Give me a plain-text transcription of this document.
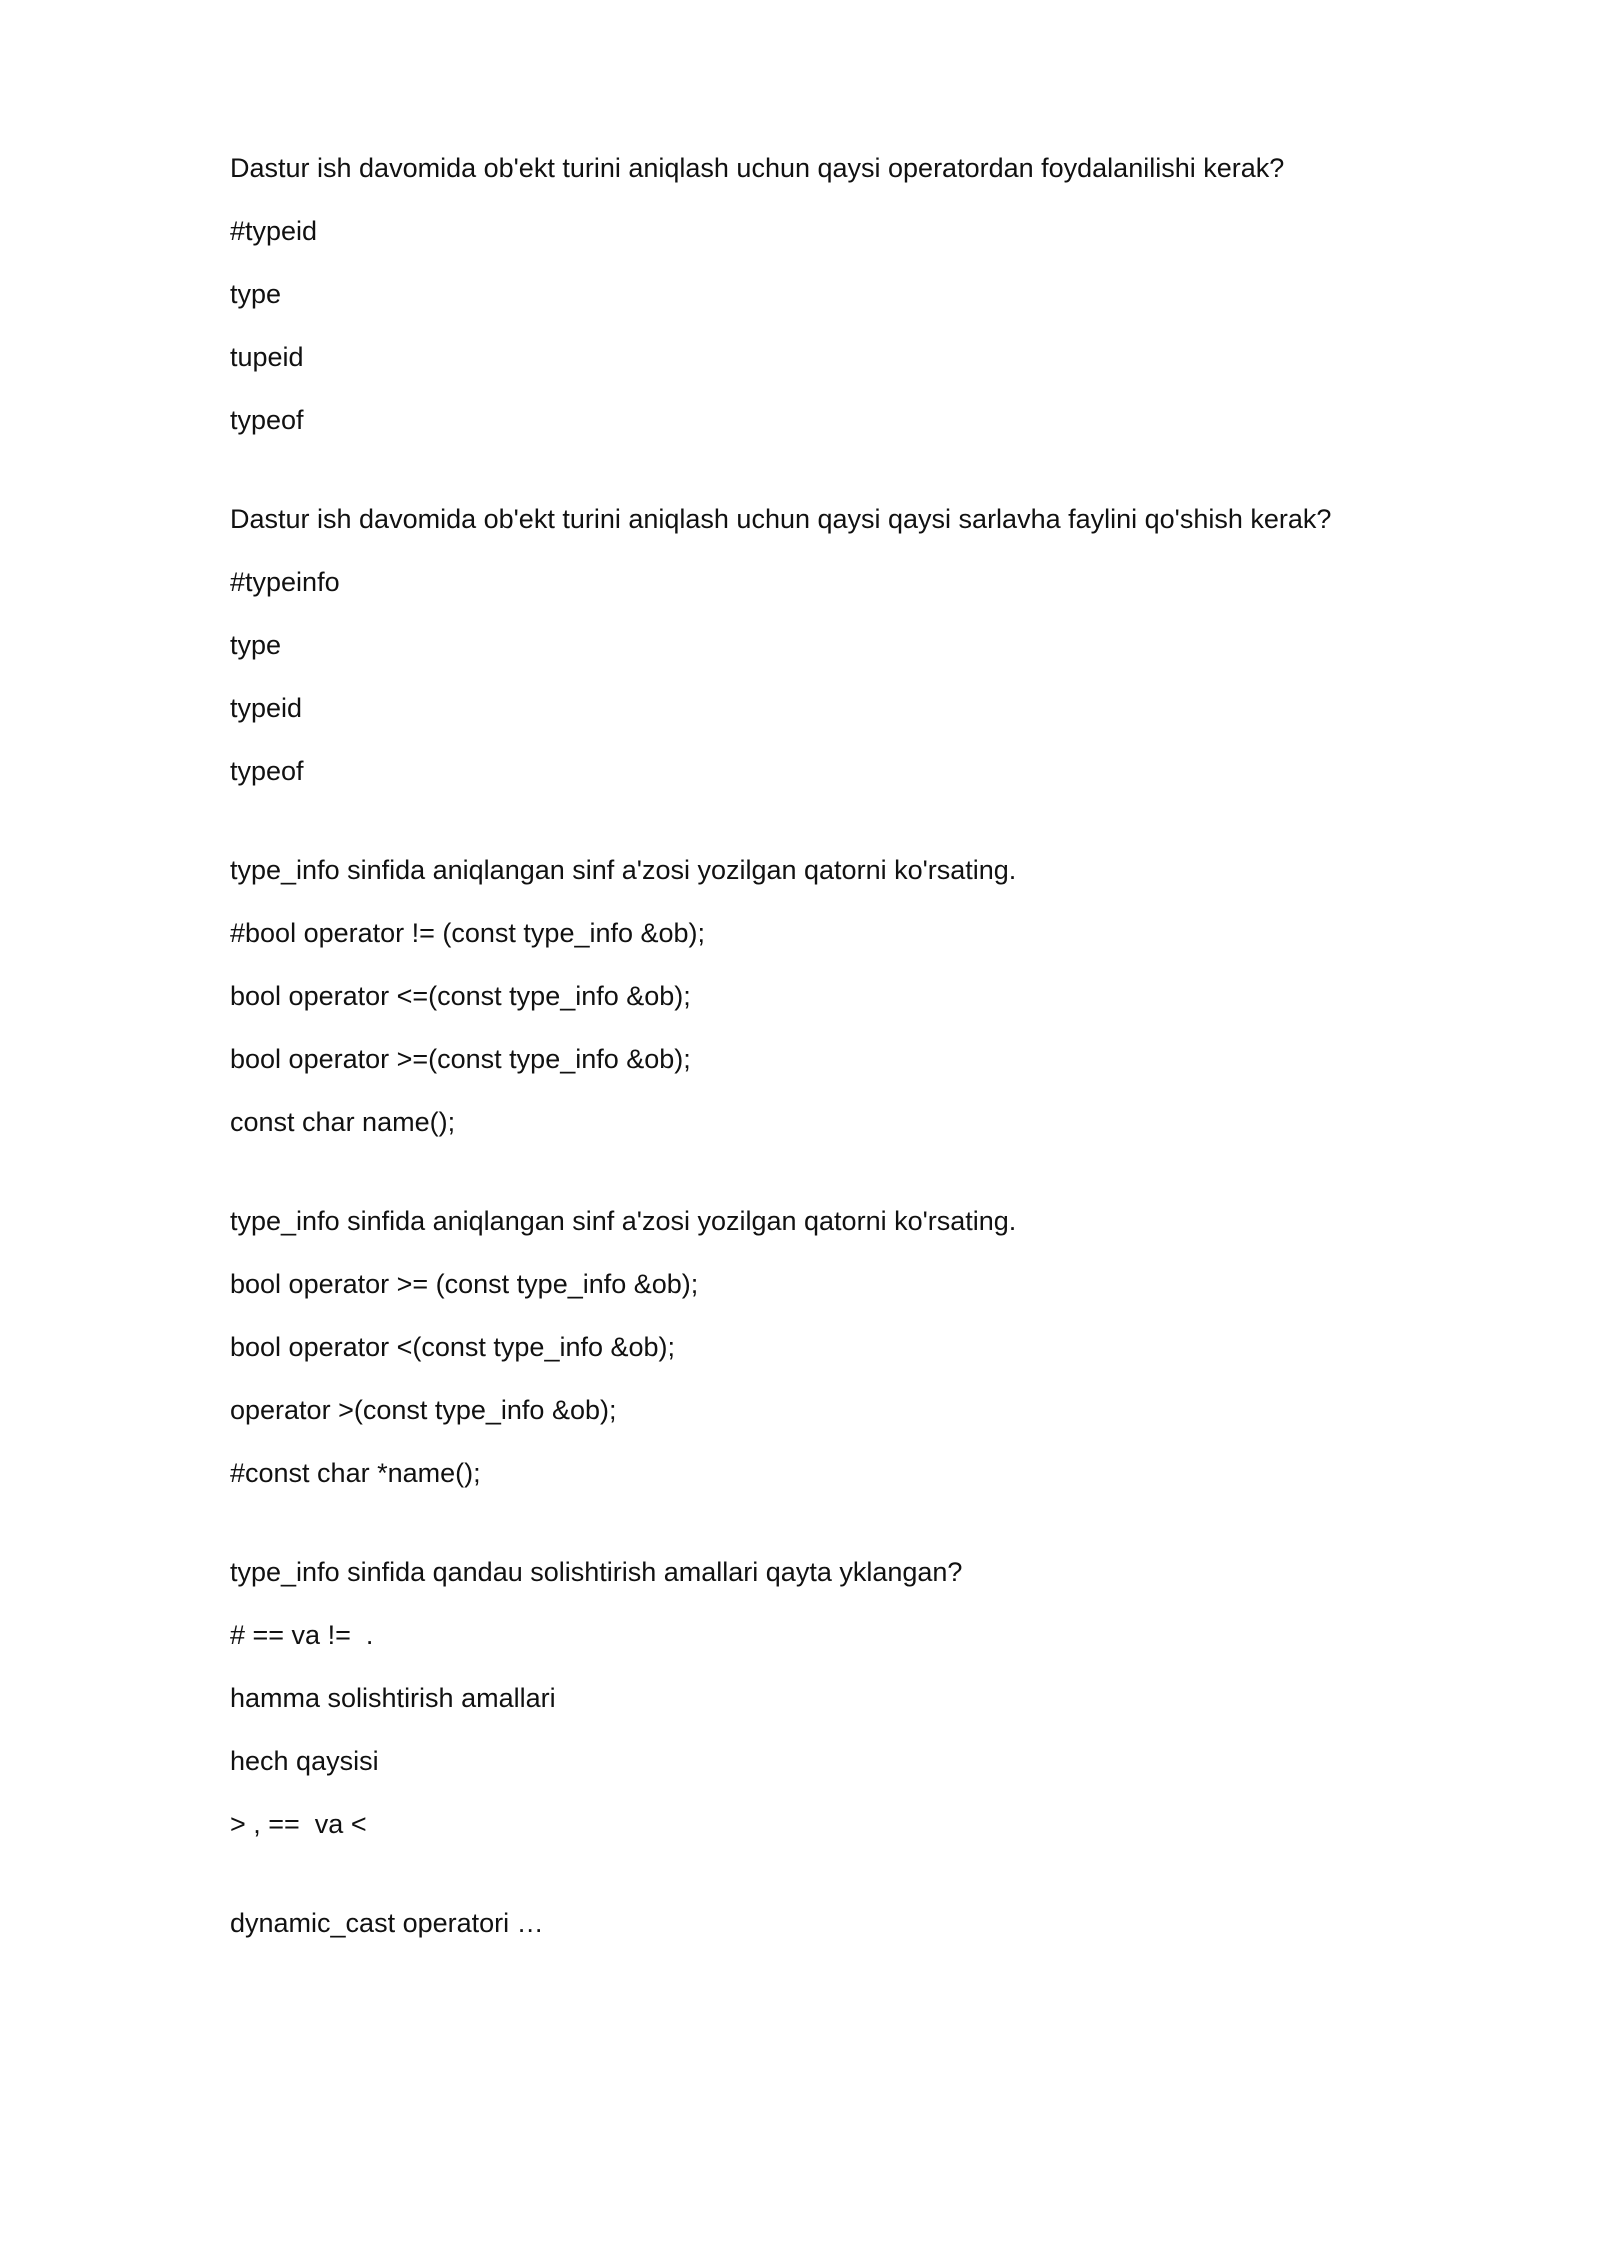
Dastur ish davomida ob'ekt turini aniqlash uchun qaysi operatordan foydalanilishi kerak?
#typeid
type
tupeid
typeof
Dastur ish davomida ob'ekt turini aniqlash uchun qaysi qaysi sarlavha faylini qo'shish kerak?
#typeinfo
type
typeid
typeof
type_info sinfida aniqlangan sinf a'zosi yozilgan qatorni ko'rsating.
#bool operator != (const type_info &ob);
bool operator <=(const type_info &ob);
bool operator >=(const type_info &ob);
const char name();
type_info sinfida aniqlangan sinf a'zosi yozilgan qatorni ko'rsating.
bool operator >= (const type_info &ob);
bool operator <(const type_info &ob);
operator >(const type_info &ob);
#const char *name();
type_info sinfida qandau solishtirish amallari qayta yklangan?
# == va !=  .
hamma solishtirish amallari
hech qaysisi
> , ==  va <
dynamic_cast operatori …
